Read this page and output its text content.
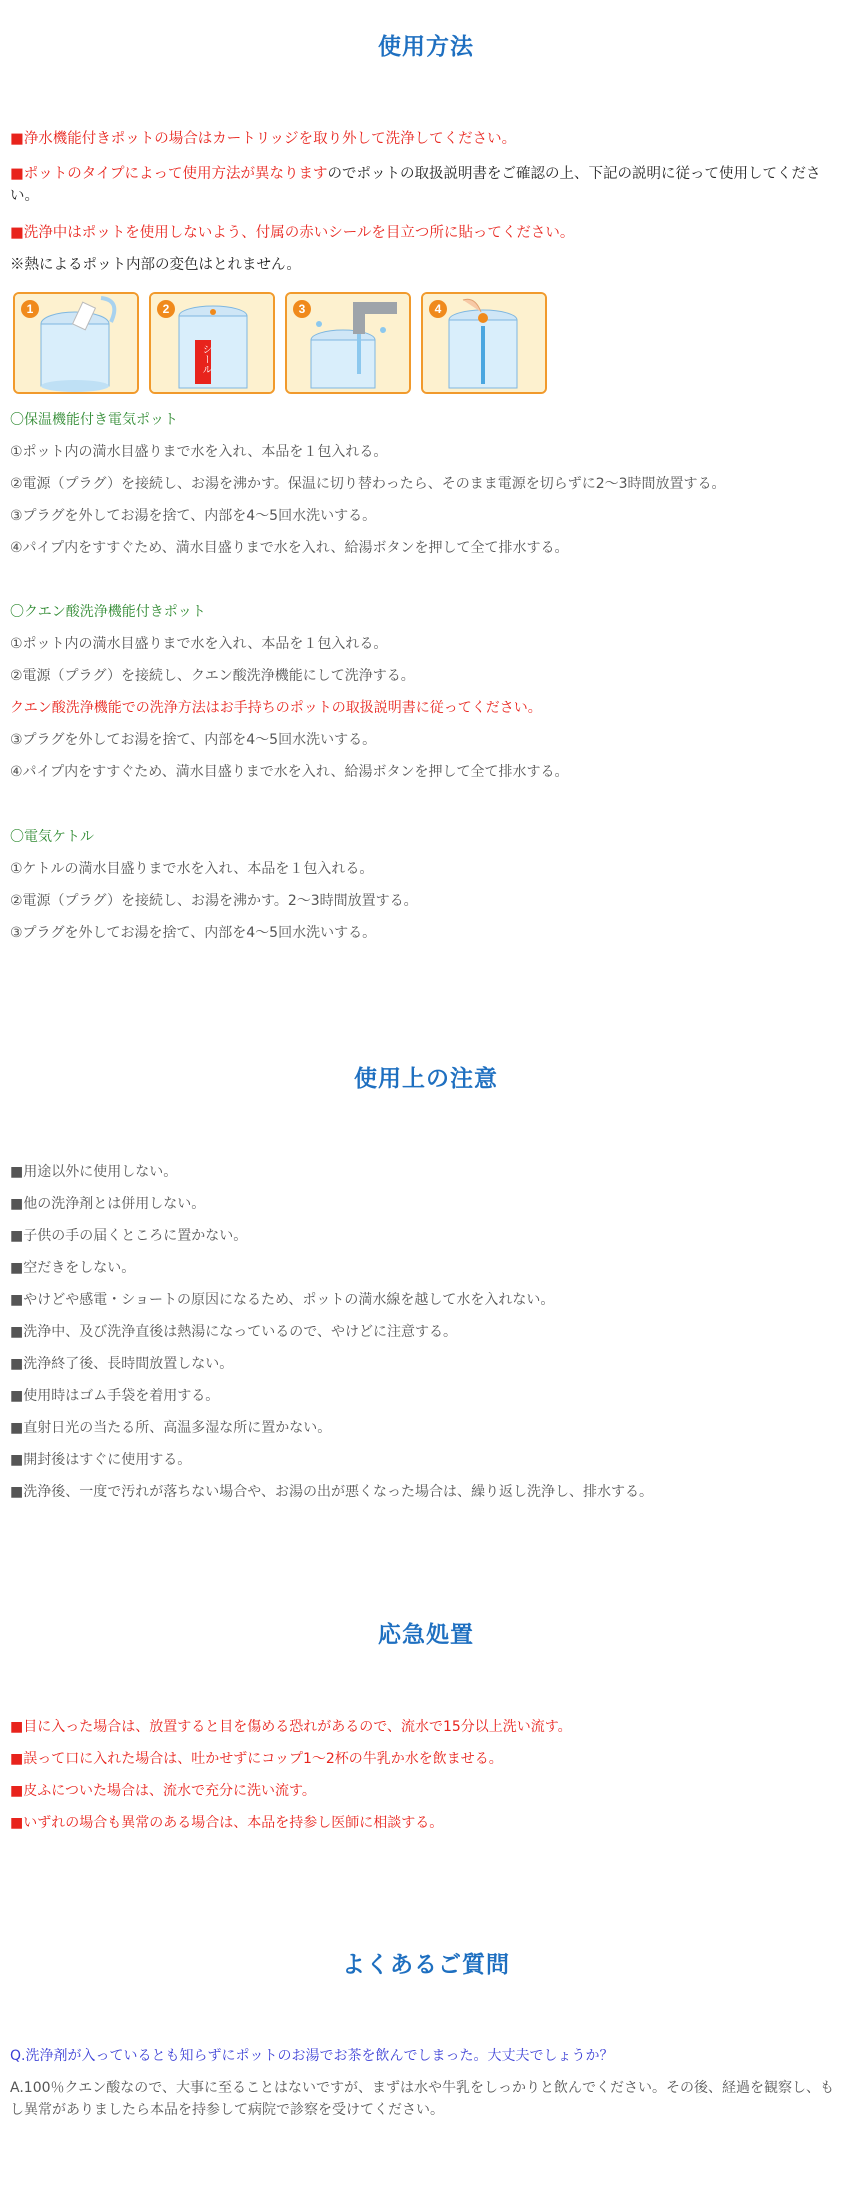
使用方法

■浄水機能付きポットの場合はカートリッジを取り外して洗浄してください。

■ポットのタイプによって使用方法が異なりますのでポットの取扱説明書をご確認の上、下記の説明に従って使用してください。

■洗浄中はポットを使用しないよう、付属の赤いシールを目立つ所に貼ってください。

※熱によるポット内部の変色はとれません。

1	2
シール
3	4

〇保温機能付き電気ポット

①ポット内の満水目盛りまで水を入れ、本品を１包入れる。

②電源（プラグ）を接続し、お湯を沸かす。保温に切り替わったら、そのまま電源を切らずに2〜3時間放置する。

③プラグを外してお湯を捨て、内部を4〜5回水洗いする。

④パイプ内をすすぐため、満水目盛りまで水を入れ、給湯ボタンを押して全て排水する。

〇クエン酸洗浄機能付きポット

①ポット内の満水目盛りまで水を入れ、本品を１包入れる。

②電源（プラグ）を接続し、クエン酸洗浄機能にして洗浄する。

クエン酸洗浄機能での洗浄方法はお手持ちのポットの取扱説明書に従ってください。

③プラグを外してお湯を捨て、内部を4〜5回水洗いする。

④パイプ内をすすぐため、満水目盛りまで水を入れ、給湯ボタンを押して全て排水する。

〇電気ケトル

①ケトルの満水目盛りまで水を入れ、本品を１包入れる。

②電源（プラグ）を接続し、お湯を沸かす。2〜3時間放置する。

③プラグを外してお湯を捨て、内部を4〜5回水洗いする。

使用上の注意

■用途以外に使用しない。

■他の洗浄剤とは併用しない。

■子供の手の届くところに置かない。

■空だきをしない。

■やけどや感電・ショートの原因になるため、ポットの満水線を越して水を入れない。

■洗浄中、及び洗浄直後は熱湯になっているので、やけどに注意する。

■洗浄終了後、長時間放置しない。

■使用時はゴム手袋を着用する。

■直射日光の当たる所、高温多湿な所に置かない。

■開封後はすぐに使用する。

■洗浄後、一度で汚れが落ちない場合や、お湯の出が悪くなった場合は、繰り返し洗浄し、排水する。

応急処置

■目に入った場合は、放置すると目を傷める恐れがあるので、流水で15分以上洗い流す。

■誤って口に入れた場合は、吐かせずにコップ1〜2杯の牛乳か水を飲ませる。

■皮ふについた場合は、流水で充分に洗い流す。

■いずれの場合も異常のある場合は、本品を持参し医師に相談する。

よくあるご質問

Q.洗浄剤が入っているとも知らずにポットのお湯でお茶を飲んでしまった。大丈夫でしょうか？

A.100％クエン酸なので、大事に至ることはないですが、まずは水や牛乳をしっかりと飲んでください。その後、経過を観察し、もし異常がありましたら本品を持参して病院で診察を受けてください。
